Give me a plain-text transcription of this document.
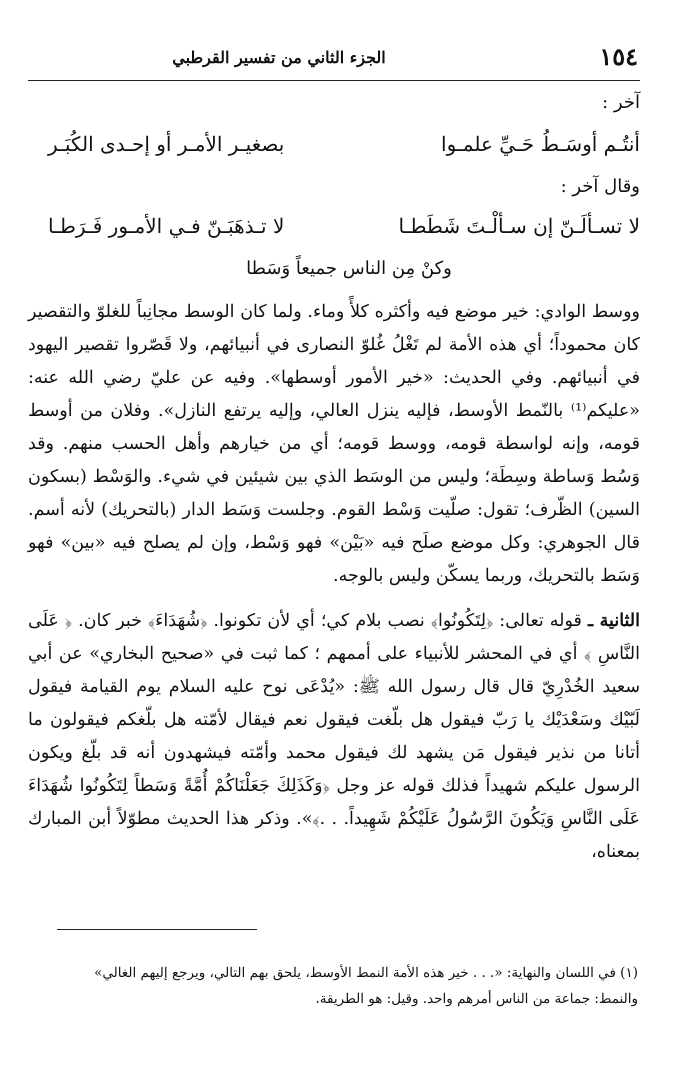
١٥٤
الجزء الثاني من تفسير القرطبي
آخر :
أنتُـم أوسَـطُ حَـيِّ علمـوا
بصغيـر الأمـر أو إحـدى الكُبَـر
وقال آخر :
لا تسـألَـنّ إن سـألْـتَ شَطَطـا
لا تـذهَبَـنّ فـي الأمـور فَـرَطـا
وكنْ مِن الناس جميعاً وَسَطا

ووسط الوادي: خير موضع فيه وأكثره كلأً وماء. ولما كان الوسط مجانِباً للغلوّ والتقصير كان محموداً؛ أي هذه الأمة لم تَغْلُ غُلوّ النصارى في أنبيائهم، ولا قَصّروا تقصير اليهود في أنبيائهم. وفي الحديث: «خير الأمور أوسطها». وفيه عن عليّ رضي الله عنه: «عليكم⁽¹⁾ بالنّمط الأوسط، فإليه ينزل العالي، وإليه يرتفع النازل». وفلان من أوسط قومه، وإنه لواسطة قومه، ووسط قومه؛ أي من خيارهم وأهل الحسب منهم. وقد وَسُط وَساطة وسِطَة؛ وليس من الوسَط الذي بين شيئين في شيء. والوَسْط (بسكون السين) الظّرف؛ تقول: صلّيت وَسْط القوم. وجلست وَسَط الدار (بالتحريك) لأنه أسم. قال الجوهري: وكل موضع صلَح فيه «بَيْن» فهو وَسْط، وإن لم يصلح فيه «بين» فهو وَسَط بالتحريك، وربما يسكّن وليس بالوجه.

الثانية ـ قوله تعالى: ﴿لِتَكُونُوا﴾ نصب بلام كي؛ أي لأن تكونوا. ﴿شُهَدَاءَ﴾ خبر كان. ﴿ عَلَى النَّاسِ ﴾ أي في المحشر للأنبياء على أممهم ؛ كما ثبت في «صحيح البخاري» عن أبي سعيد الخُدْرِيّ قال قال رسول الله ﷺ: «يُدْعَى نوح عليه السلام يوم القيامة فيقول لَبّيْك وسَعْدَيْك يا رَبّ فيقول هل بلّغت فيقول نعم فيقال لأمّته هل بلّغكم فيقولون ما أتانا من نذير فيقول مَن يشهد لك فيقول محمد وأمّته فيشهدون أنه قد بلّغ ويكون الرسول عليكم شهيداً فذلك قوله عز وجل ﴿وَكَذَلِكَ جَعَلْنَاكُمْ أُمَّةً وَسَطاً لِتَكُونُوا شُهَدَاءَ عَلَى النَّاسِ وَيَكُونَ الرَّسُولُ عَلَيْكُمْ شَهِيداً. . .﴾». وذكر هذا الحديث مطوّلاً أبن المبارك بمعناه،

(١) في اللسان والنهاية: «. . . خير هذه الأمة النمط الأوسط، يلحق بهم التالي، ويرجع إليهم الغالي»

والنمط: جماعة من الناس أمرهم واحد. وقيل: هو الطريقة.
